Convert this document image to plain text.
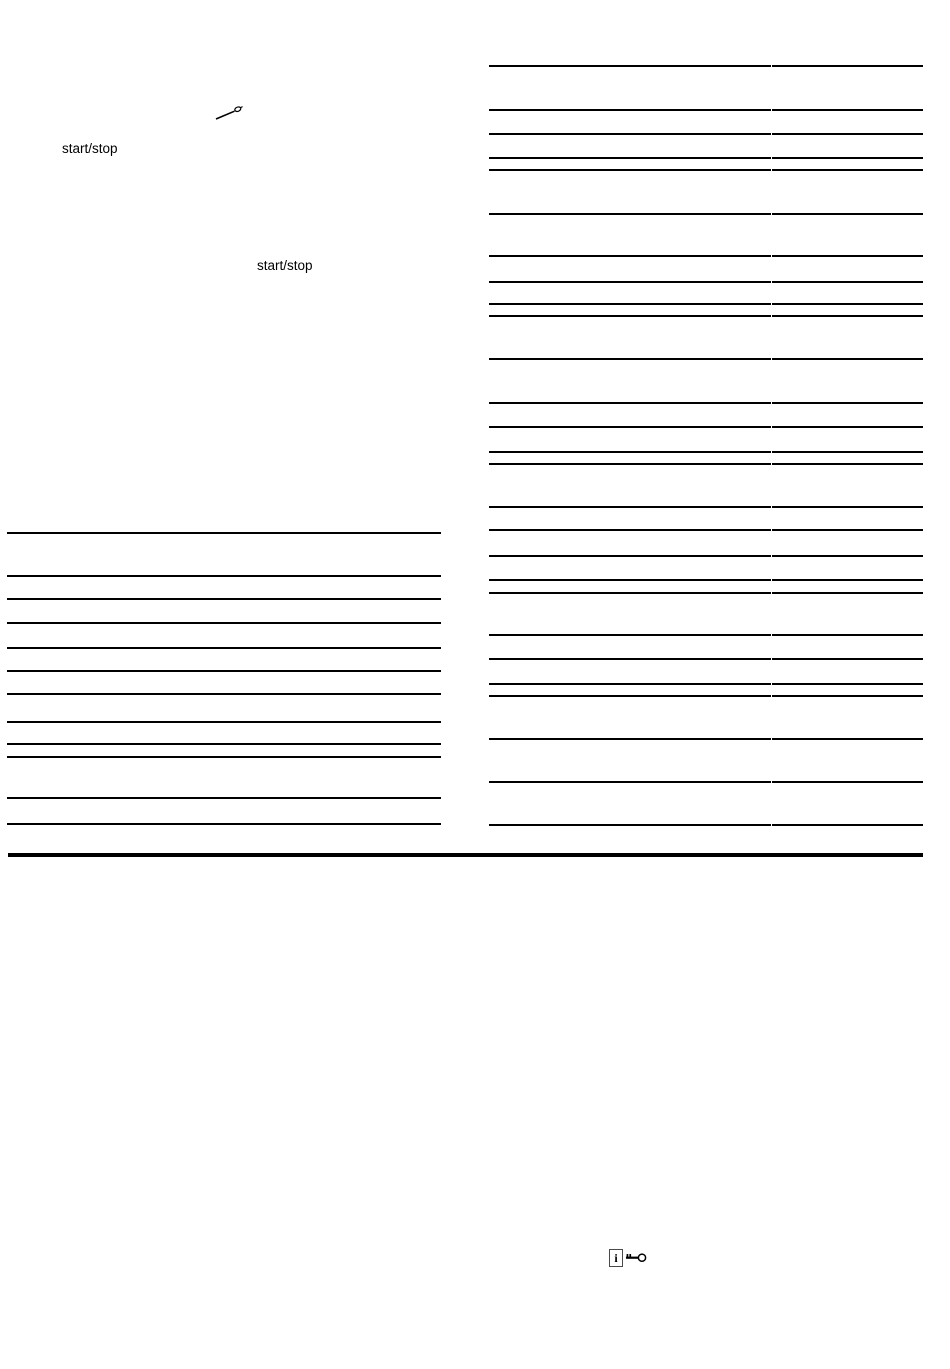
start/stop
start/stop
i
